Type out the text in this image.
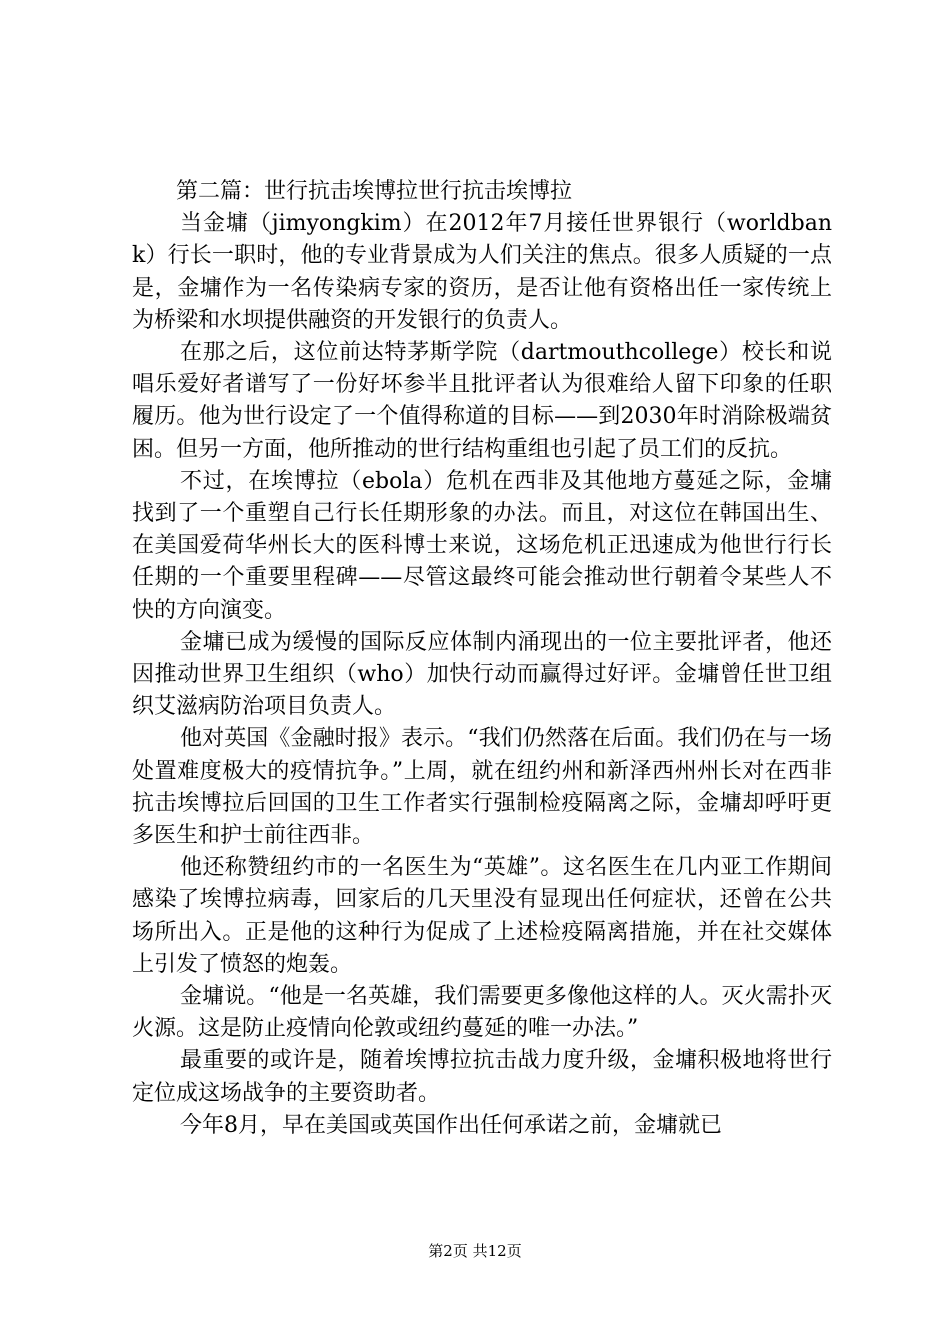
第二篇：世行抗击埃博拉世行抗击埃博拉

当金墉（jimyongkim）在2012年7月接任世界银行（worldbank）行长一职时，他的专业背景成为人们关注的焦点。很多人质疑的一点是，金墉作为一名传染病专家的资历，是否让他有资格出任一家传统上为桥梁和水坝提供融资的开发银行的负责人。

在那之后，这位前达特茅斯学院（dartmouthcollege）校长和说唱乐爱好者谱写了一份好坏参半且批评者认为很难给人留下印象的任职履历。他为世行设定了一个值得称道的目标——到2030年时消除极端贫困。但另一方面，他所推动的世行结构重组也引起了员工们的反抗。

不过，在埃博拉（ebola）危机在西非及其他地方蔓延之际，金墉找到了一个重塑自己行长任期形象的办法。而且，对这位在韩国出生、在美国爱荷华州长大的医科博士来说，这场危机正迅速成为他世行行长任期的一个重要里程碑——尽管这最终可能会推动世行朝着令某些人不快的方向演变。

金墉已成为缓慢的国际反应体制内涌现出的一位主要批评者，他还因推动世界卫生组织（who）加快行动而赢得过好评。金墉曾任世卫组织艾滋病防治项目负责人。

他对英国《金融时报》表示。“我们仍然落在后面。我们仍在与一场处置难度极大的疫情抗争。”上周，就在纽约州和新泽西州州长对在西非抗击埃博拉后回国的卫生工作者实行强制检疫隔离之际，金墉却呼吁更多医生和护士前往西非。

他还称赞纽约市的一名医生为“英雄”。这名医生在几内亚工作期间感染了埃博拉病毒，回家后的几天里没有显现出任何症状，还曾在公共场所出入。正是他的这种行为促成了上述检疫隔离措施，并在社交媒体上引发了愤怒的炮轰。

金墉说。“他是一名英雄，我们需要更多像他这样的人。灭火需扑灭火源。这是防止疫情向伦敦或纽约蔓延的唯一办法。”

最重要的或许是，随着埃博拉抗击战力度升级，金墉积极地将世行定位成这场战争的主要资助者。

今年8月，早在美国或英国作出任何承诺之前，金墉就已

第2页 共12页
